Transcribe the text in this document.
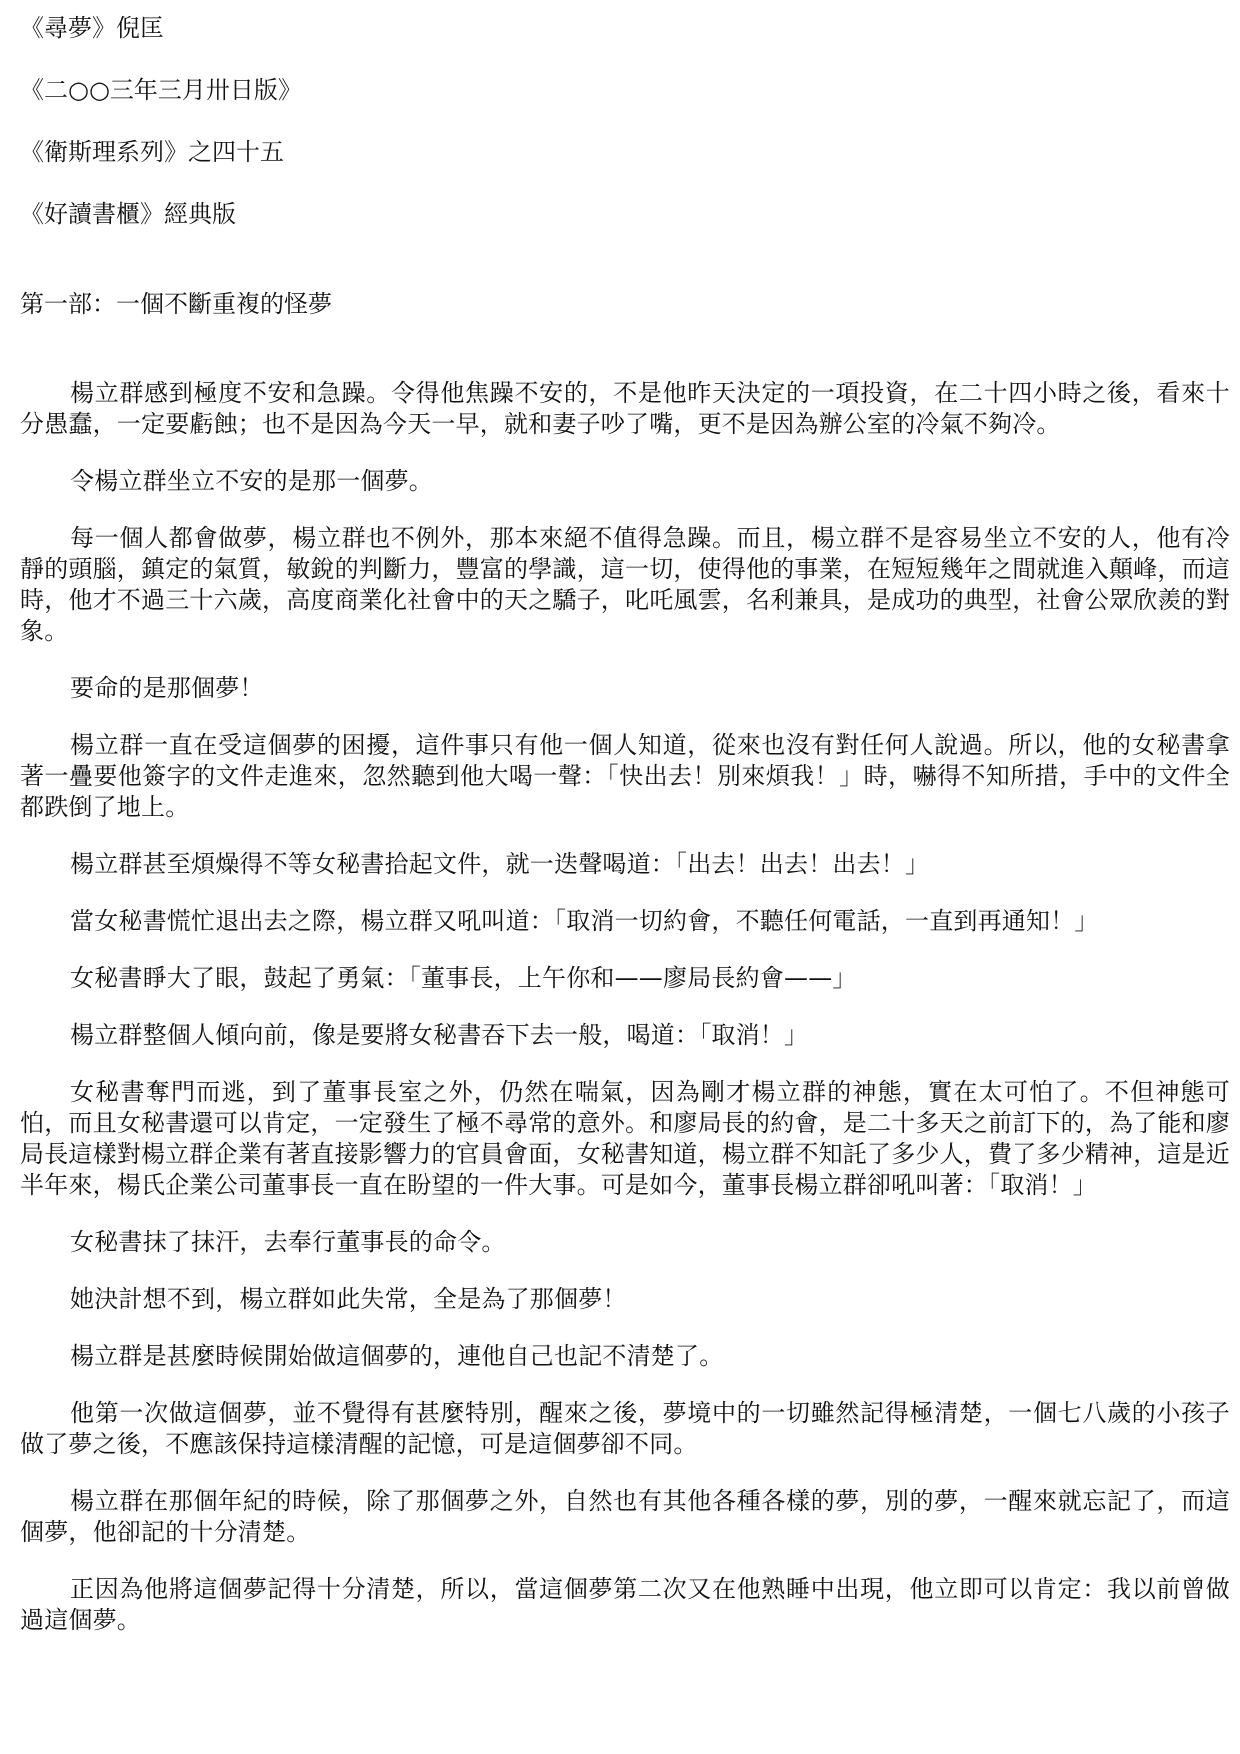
《尋夢》倪匡
《二○○三年三月卅日版》
《衛斯理系列》之四十五
《好讀書櫃》經典版
第一部：一個不斷重複的怪夢

楊立群感到極度不安和急躁。令得他焦躁不安的，不是他昨天決定的一項投資，在二十四小時之後，看來十分愚蠢，一定要虧蝕；也不是因為今天一早，就和妻子吵了嘴，更不是因為辦公室的冷氣不夠冷。

令楊立群坐立不安的是那一個夢。

每一個人都會做夢，楊立群也不例外，那本來絕不值得急躁。而且，楊立群不是容易坐立不安的人，他有冷靜的頭腦，鎮定的氣質，敏銳的判斷力，豐富的學識，這一切，使得他的事業，在短短幾年之間就進入顛峰，而這時，他才不過三十六歲，高度商業化社會中的天之驕子，叱吒風雲，名利兼具，是成功的典型，社會公眾欣羨的對象。

要命的是那個夢！

楊立群一直在受這個夢的困擾，這件事只有他一個人知道，從來也沒有對任何人說過。所以，他的女秘書拿著一疊要他簽字的文件走進來，忽然聽到他大喝一聲：「快出去！別來煩我！」時，嚇得不知所措，手中的文件全都跌倒了地上。

楊立群甚至煩燥得不等女秘書拾起文件，就一迭聲喝道：「出去！出去！出去！」

當女秘書慌忙退出去之際，楊立群又吼叫道：「取消一切約會，不聽任何電話，一直到再通知！」

女秘書睜大了眼，鼓起了勇氣：「董事長，上午你和——廖局長約會——」

楊立群整個人傾向前，像是要將女秘書吞下去一般，喝道：「取消！」

女秘書奪門而逃，到了董事長室之外，仍然在喘氣，因為剛才楊立群的神態，實在太可怕了。不但神態可怕，而且女秘書還可以肯定，一定發生了極不尋常的意外。和廖局長的約會，是二十多天之前訂下的，為了能和廖局長這樣對楊立群企業有著直接影響力的官員會面，女秘書知道，楊立群不知託了多少人，費了多少精神，這是近半年來，楊氏企業公司董事長一直在盼望的一件大事。可是如今，董事長楊立群卻吼叫著：「取消！」

女秘書抹了抹汗，去奉行董事長的命令。

她決計想不到，楊立群如此失常，全是為了那個夢！

楊立群是甚麼時候開始做這個夢的，連他自己也記不清楚了。

他第一次做這個夢，並不覺得有甚麼特別，醒來之後，夢境中的一切雖然記得極清楚，一個七八歲的小孩子做了夢之後，不應該保持這樣清醒的記憶，可是這個夢卻不同。

楊立群在那個年紀的時候，除了那個夢之外，自然也有其他各種各樣的夢，別的夢，一醒來就忘記了，而這個夢，他卻記的十分清楚。

正因為他將這個夢記得十分清楚，所以，當這個夢第二次又在他熟睡中出現，他立即可以肯定：我以前曾做過這個夢。
